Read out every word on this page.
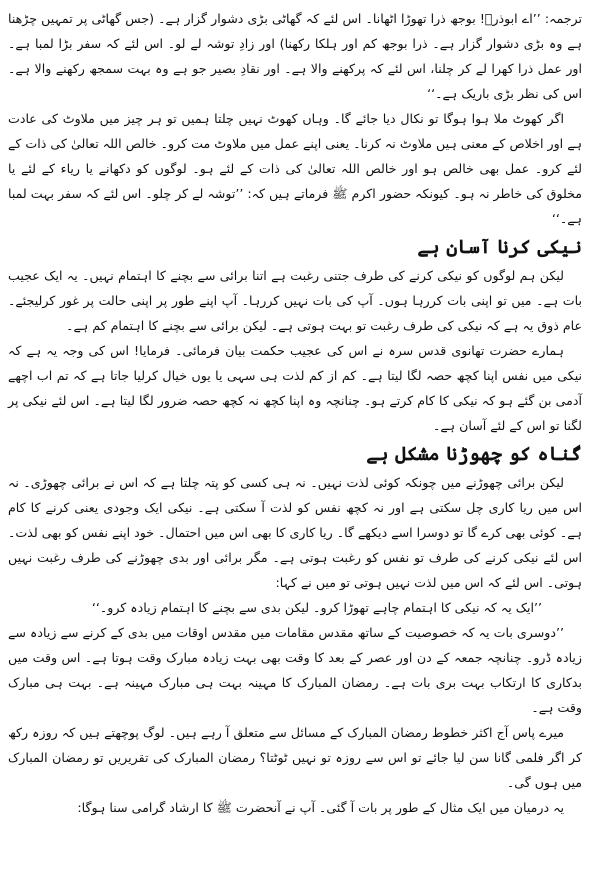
ترجمہ: ’’اے ابوذرؓ! بوجھ ذرا تھوڑا اٹھانا۔ اس لئے کہ گھاٹی بڑی دشوار گزار ہے۔ (جس گھاٹی پر تمہیں چڑھنا ہے وہ بڑی دشوار گزار ہے۔ ذرا بوجھ کم اور ہلکا رکھنا) اور زادِ توشہ لے لو۔ اس لئے کہ سفر بڑا لمبا ہے۔ اور عمل ذرا کھرا لے کر چلنا، اس لئے کہ پرکھنے والا ہے۔ اور نقادِ بصیر جو ہے وہ بہت سمجھ رکھنے والا ہے۔ اس کی نظر بڑی باریک ہے۔‘‘

اگر کھوٹ ملا ہوا ہوگا تو نکال دیا جائے گا۔ وہاں کھوٹ نہیں چلتا ہمیں تو ہر چیز میں ملاوٹ کی عادت ہے اور اخلاص کے معنی ہیں ملاوٹ نہ کرنا۔ یعنی اپنے عمل میں ملاوٹ مت کرو۔ خالص اللہ تعالیٰ کی ذات کے لئے کرو۔ عمل بھی خالص ہو اور خالص اللہ تعالیٰ کی ذات کے لئے ہو۔ لوگوں کو دکھانے یا ریاء کے لئے یا مخلوق کی خاطر نہ ہو۔ کیونکہ حضور اکرم ﷺ فرماتے ہیں کہ: ’’توشہ لے کر چلو۔ اس لئے کہ سفر بہت لمبا ہے۔‘‘

نیکی کرنا آسان ہے

لیکن ہم لوگوں کو نیکی کرنے کی طرف جتنی رغبت ہے اتنا برائی سے بچنے کا اہتمام نہیں۔ یہ ایک عجیب بات ہے۔ میں تو اپنی بات کررہا ہوں۔ آپ کی بات نہیں کررہا۔ آپ اپنے طور پر اپنی حالت پر غور کرلیجئے۔ عام ذوق یہ ہے کہ نیکی کی طرف رغبت تو بہت ہوتی ہے۔ لیکن برائی سے بچنے کا اہتمام کم ہے۔

ہمارے حضرت تھانوی قدس سرہ نے اس کی عجیب حکمت بیان فرمائی۔ فرمایا! اس کی وجہ یہ ہے کہ نیکی میں نفس اپنا کچھ حصہ لگا لیتا ہے۔ کم از کم لذت ہی سہی یا یوں خیال کرلیا جاتا ہے کہ تم اب اچھے آدمی بن گئے ہو کہ نیکی کا کام کرتے ہو۔ چنانچہ وہ اپنا کچھ نہ کچھ حصہ ضرور لگا لیتا ہے۔ اس لئے نیکی پر لگنا تو اس کے لئے آسان ہے۔

گناہ کو چھوڑنا مشکل ہے

لیکن برائی چھوڑنے میں چونکہ کوئی لذت نہیں۔ نہ ہی کسی کو پتہ چلتا ہے کہ اس نے برائی چھوڑی۔ نہ اس میں ریا کاری چل سکتی ہے اور نہ کچھ نفس کو لذت آ سکتی ہے۔ نیکی ایک وجودی یعنی کرنے کا کام ہے۔ کوئی بھی کرے گا تو دوسرا اسے دیکھے گا۔ ریا کاری کا بھی اس میں احتمال۔ خود اپنے نفس کو بھی لذت۔ اس لئے نیکی کرنے کی طرف تو نفس کو رغبت ہوتی ہے۔ مگر برائی اور بدی چھوڑنے کی طرف رغبت نہیں ہوتی۔ اس لئے کہ اس میں لذت نہیں ہوتی تو میں نے کہا:

’’ایک یہ کہ نیکی کا اہتمام چاہے تھوڑا کرو۔ لیکن بدی سے بچنے کا اہتمام زیادہ کرو۔‘‘

’’دوسری بات یہ کہ خصوصیت کے ساتھ مقدس مقامات میں مقدس اوقات میں بدی کے کرنے سے زیادہ سے زیادہ ڈرو۔ چنانچہ جمعہ کے دن اور عصر کے بعد کا وقت بھی بہت زیادہ مبارک وقت ہوتا ہے۔ اس وقت میں بدکاری کا ارتکاب بہت بری بات ہے۔ رمضان المبارک کا مہینہ بہت ہی مبارک مہینہ ہے۔ بہت ہی مبارک وقت ہے۔

میرے پاس آج اکثر خطوط رمضان المبارک کے مسائل سے متعلق آ رہے ہیں۔ لوگ پوچھتے ہیں کہ روزہ رکھ کر اگر فلمی گانا سن لیا جائے تو اس سے روزہ تو نہیں ٹوٹتا؟ رمضان المبارک کی تقریریں تو رمضان المبارک میں ہوں گی۔

یہ درمیان میں ایک مثال کے طور پر بات آ گئی۔ آپ نے آنحضرت ﷺ کا ارشاد گرامی سنا ہوگا:
